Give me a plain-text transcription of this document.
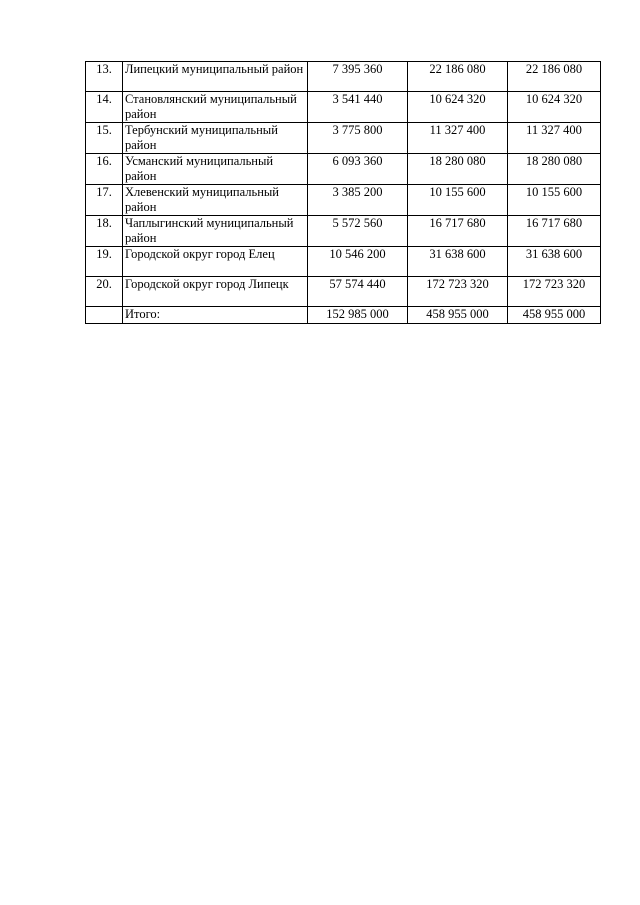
13.	Липецкий муниципальный район	7 395 360	22 186 080	22 186 080
14.	Становлянский муниципальный район	3 541 440	10 624 320	10 624 320
15.	Тербунский муниципальный район	3 775 800	11 327 400	11 327 400
16.	Усманский муниципальный район	6 093 360	18 280 080	18 280 080
17.	Хлевенский муниципальный район	3 385 200	10 155 600	10 155 600
18.	Чаплыгинский муниципальный район	5 572 560	16 717 680	16 717 680
19.	Городской округ город Елец	10 546 200	31 638 600	31 638 600
20.	Городской округ город Липецк	57 574 440	172 723 320	172 723 320
	Итого:	152 985 000	458 955 000	458 955 000
